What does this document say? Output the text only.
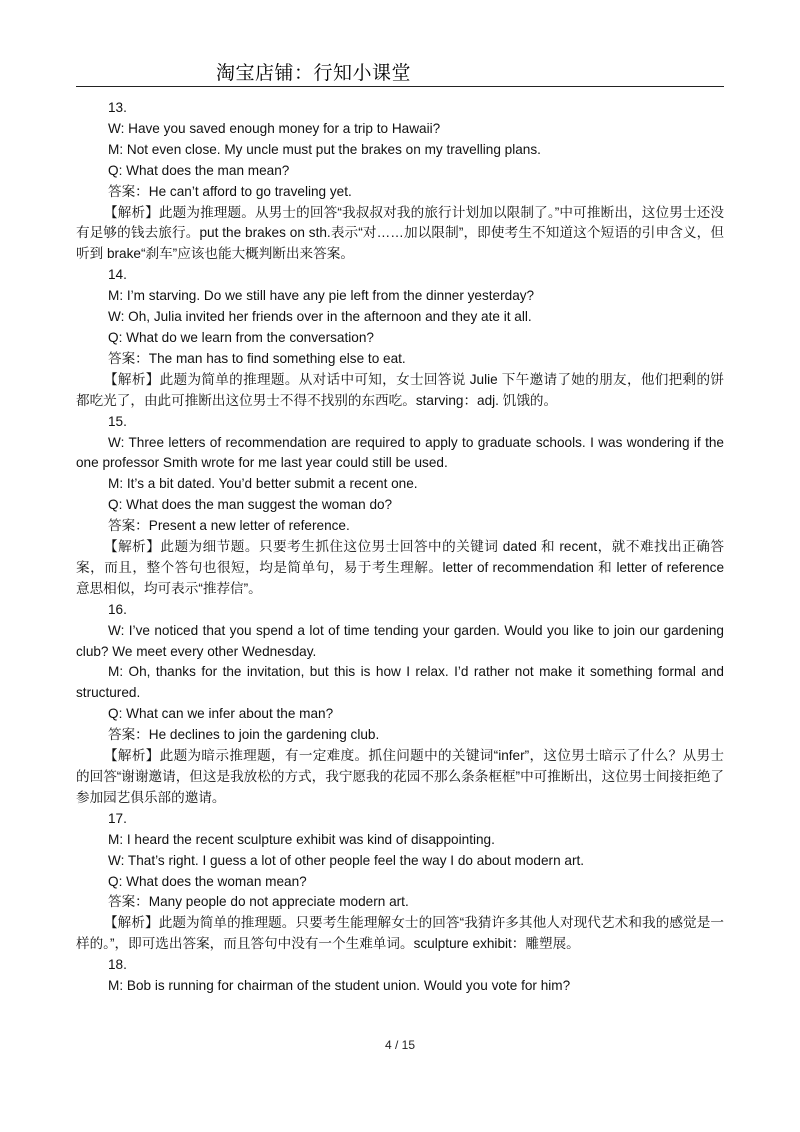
淘宝店铺：行知小课堂

13.

W: Have you saved enough money for a trip to Hawaii?

M: Not even close. My uncle must put the brakes on my travelling plans.

Q: What does the man mean?

答案：He can’t afford to go traveling yet.

【解析】此题为推理题。从男士的回答“我叔叔对我的旅行计划加以限制了。”中可推断出，这位男士还没有足够的钱去旅行。put the brakes on sth.表示“对……加以限制”，即使考生不知道这个短语的引申含义，但听到 brake“刹车”应该也能大概判断出来答案。

14.

M: I’m starving. Do we still have any pie left from the dinner yesterday?

W: Oh, Julia invited her friends over in the afternoon and they ate it all.

Q: What do we learn from the conversation?

答案：The man has to find something else to eat.

【解析】此题为简单的推理题。从对话中可知，女士回答说 Julie 下午邀请了她的朋友，他们把剩的饼都吃光了，由此可推断出这位男士不得不找别的东西吃。starving：adj. 饥饿的。

15.

W: Three letters of recommendation are required to apply to graduate schools. I was wondering if the one professor Smith wrote for me last year could still be used.

M: It’s a bit dated. You’d better submit a recent one.

Q: What does the man suggest the woman do?

答案：Present a new letter of reference.

【解析】此题为细节题。只要考生抓住这位男士回答中的关键词 dated 和 recent，就不难找出正确答案，而且，整个答句也很短，均是简单句，易于考生理解。letter of recommendation 和 letter of reference 意思相似，均可表示“推荐信”。

16.

W: I’ve noticed that you spend a lot of time tending your garden. Would you like to join our gardening club? We meet every other Wednesday.

M: Oh, thanks for the invitation, but this is how I relax. I’d rather not make it something formal and structured.

Q: What can we infer about the man?

答案：He declines to join the gardening club.

【解析】此题为暗示推理题，有一定难度。抓住问题中的关键词“infer”，这位男士暗示了什么？从男士的回答“谢谢邀请，但这是我放松的方式，我宁愿我的花园不那么条条框框”中可推断出，这位男士间接拒绝了参加园艺俱乐部的邀请。

17.

M: I heard the recent sculpture exhibit was kind of disappointing.

W: That’s right. I guess a lot of other people feel the way I do about modern art.

Q: What does the woman mean?

答案：Many people do not appreciate modern art.

【解析】此题为简单的推理题。只要考生能理解女士的回答“我猜许多其他人对现代艺术和我的感觉是一样的。”，即可选出答案，而且答句中没有一个生难单词。sculpture exhibit：雕塑展。

18.

M: Bob is running for chairman of the student union. Would you vote for him?

4 / 15
